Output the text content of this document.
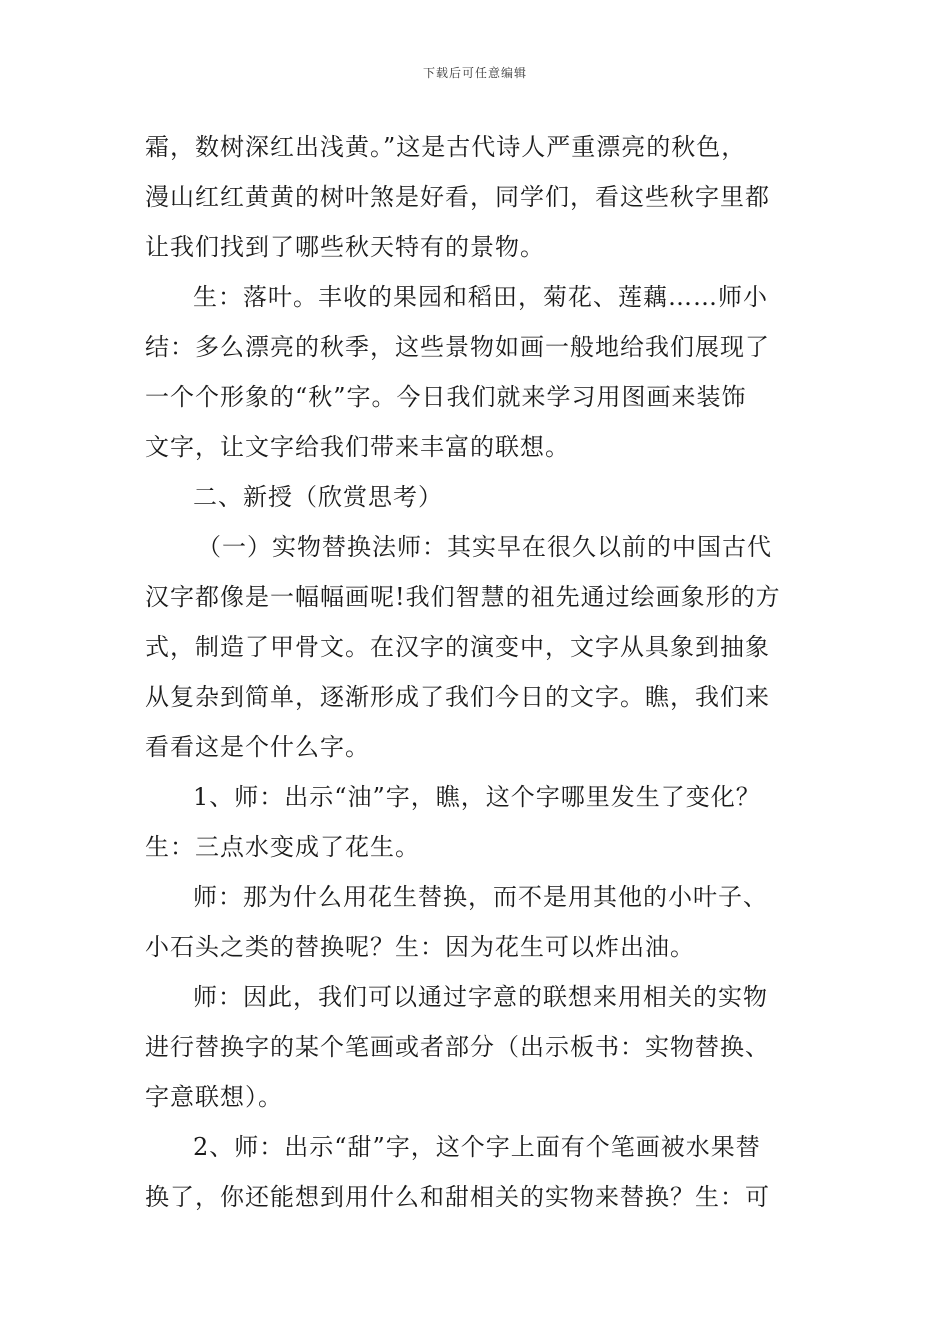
下载后可任意编辑
霜，数树深红出浅黄。”这是古代诗人严重漂亮的秋色，
漫山红红黄黄的树叶煞是好看，同学们，看这些秋字里都
让我们找到了哪些秋天特有的景物。
生：落叶。丰收的果园和稻田，菊花、莲藕……师小
结：多么漂亮的秋季，这些景物如画一般地给我们展现了
一个个形象的“秋”字。今日我们就来学习用图画来装饰
文字，让文字给我们带来丰富的联想。
二、新授（欣赏思考）
（一）实物替换法师：其实早在很久以前的中国古代
汉字都像是一幅幅画呢!我们智慧的祖先通过绘画象形的方
式，制造了甲骨文。在汉字的演变中，文字从具象到抽象
从复杂到简单，逐渐形成了我们今日的文字。瞧，我们来
看看这是个什么字。
1、师：出示“油”字，瞧，这个字哪里发生了变化？
生：三点水变成了花生。
师：那为什么用花生替换，而不是用其他的小叶子、
小石头之类的替换呢？生：因为花生可以炸出油。
师：因此，我们可以通过字意的联想来用相关的实物
进行替换字的某个笔画或者部分（出示板书：实物替换、
字意联想）。
2、师：出示“甜”字，这个字上面有个笔画被水果替
换了，你还能想到用什么和甜相关的实物来替换？生：可
